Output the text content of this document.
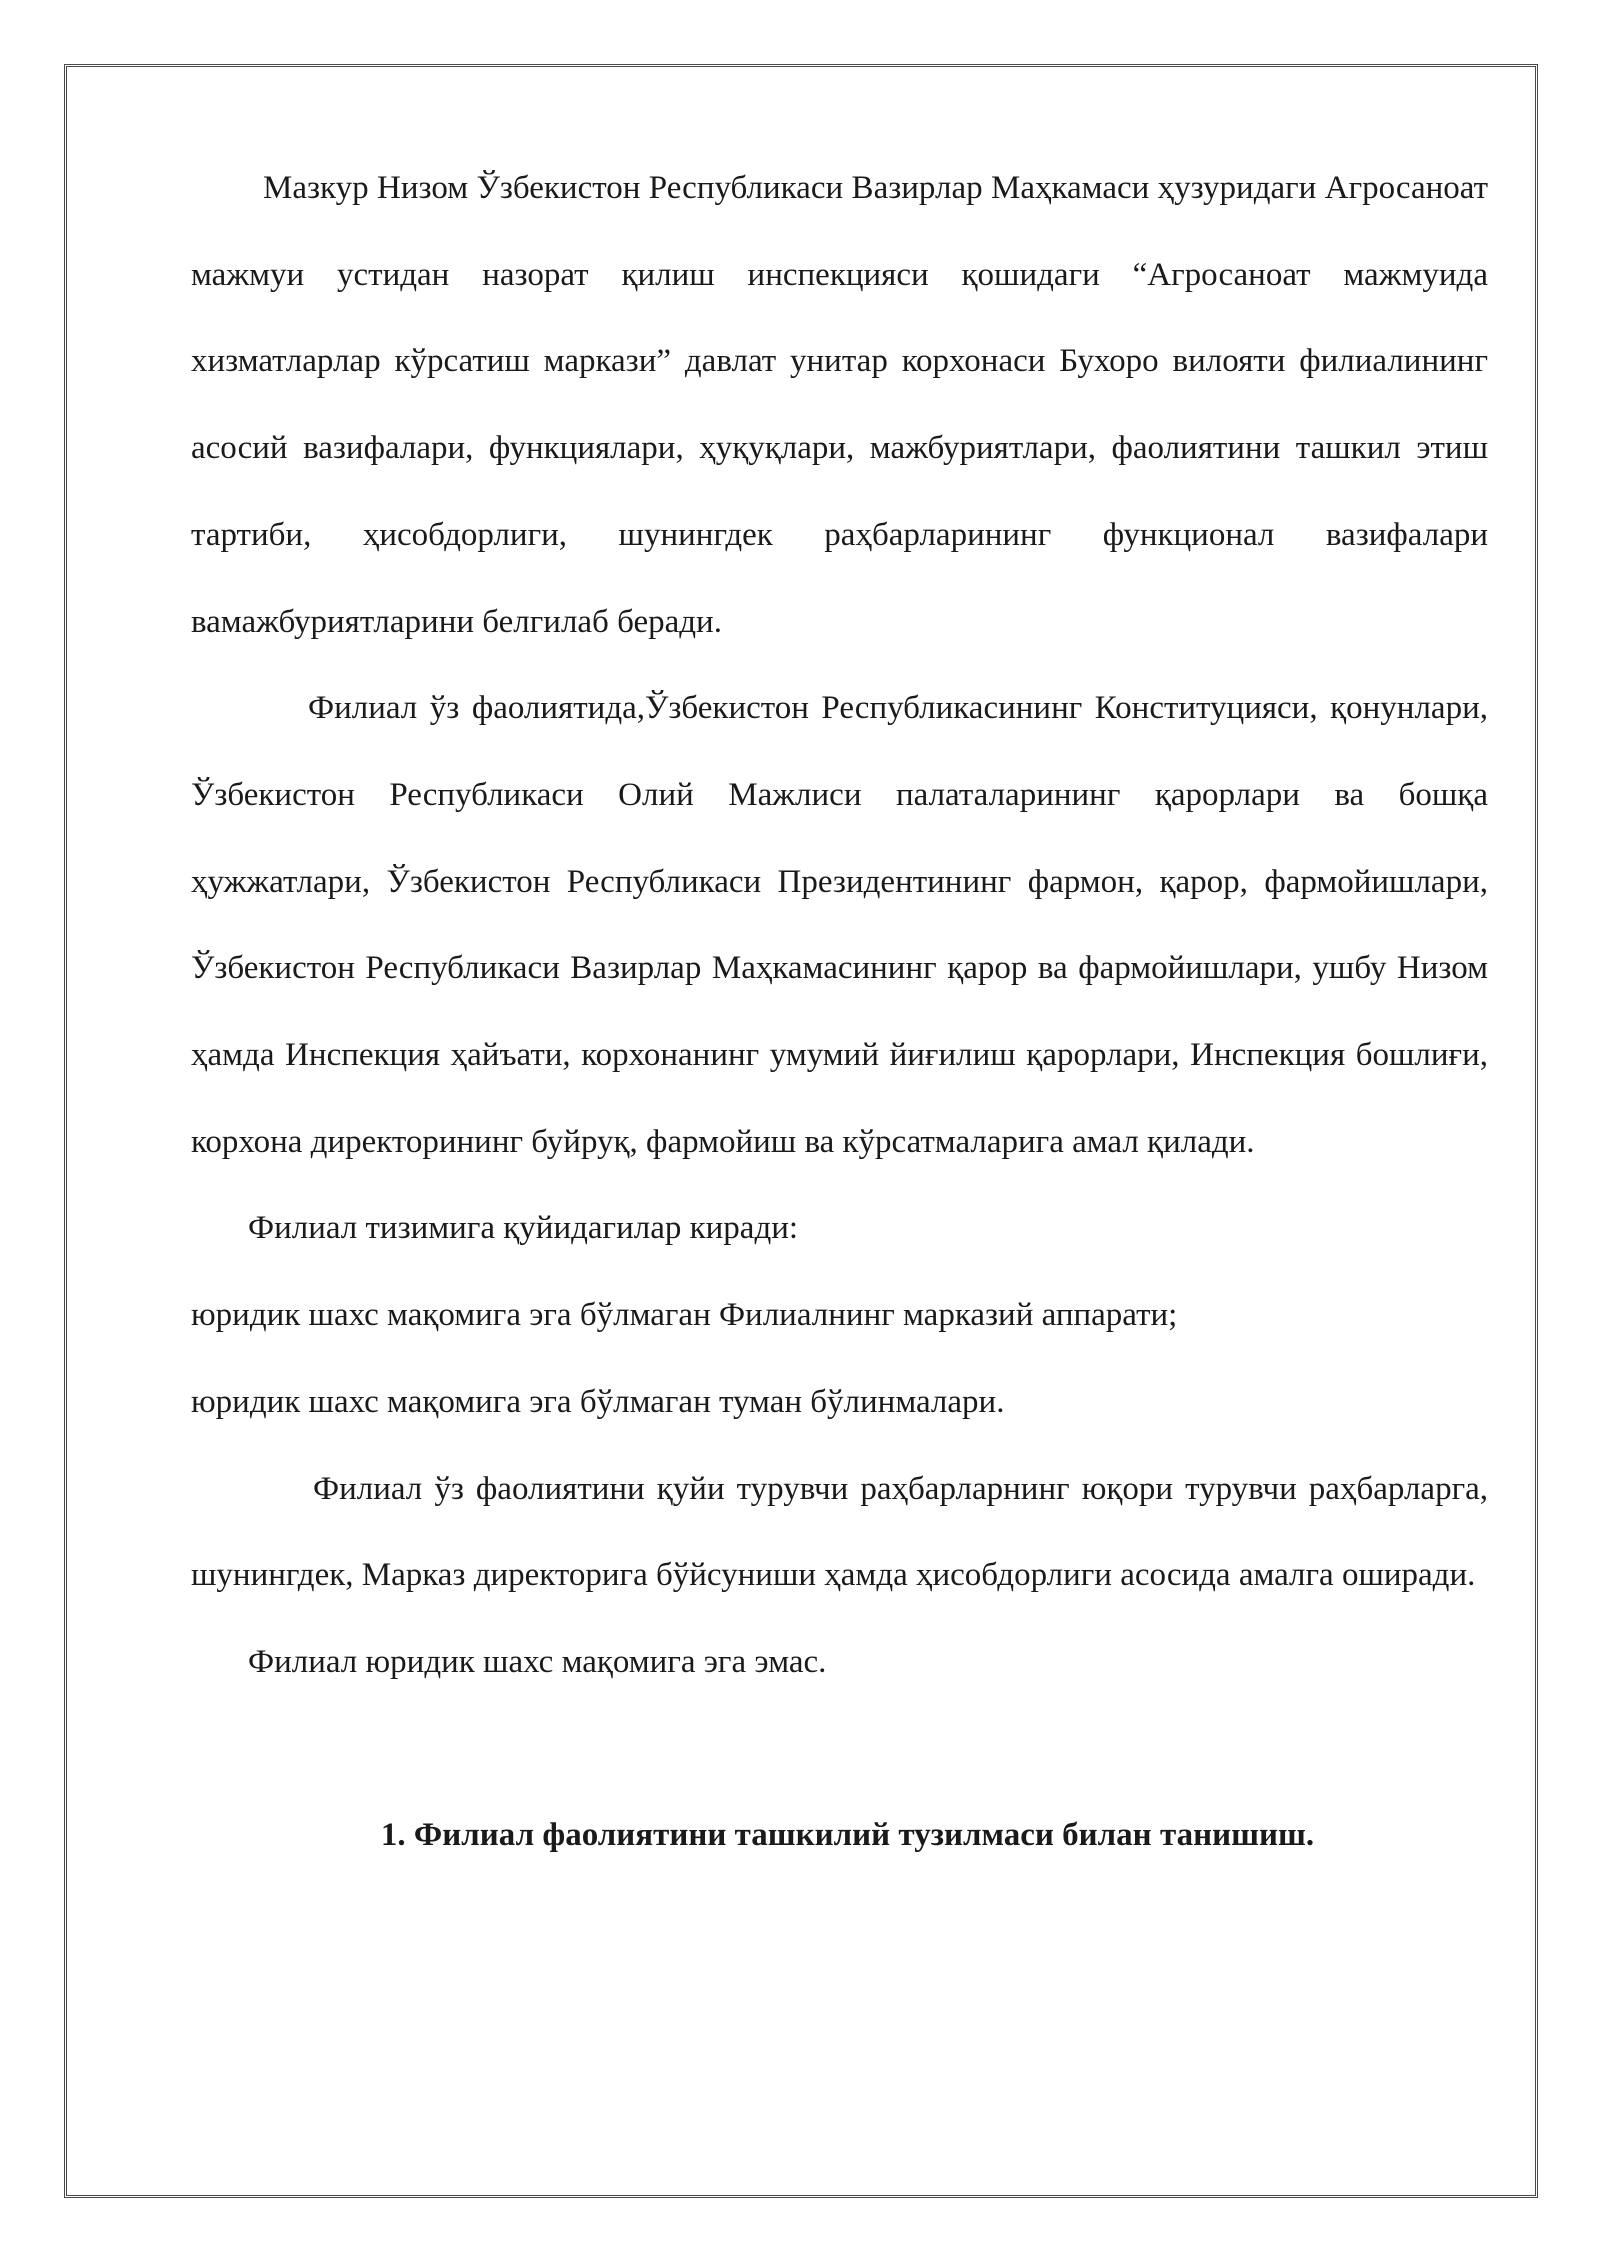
Мазкур Низом Ўзбекистон Республикаси Вазирлар Маҳкамаси ҳузуридаги Агросаноат мажмуи устидан назорат қилиш инспекцияси қошидаги “Агросаноат мажмуида хизматларлар кўрсатиш маркази” давлат унитар корхонаси Бухоро вилояти филиалининг асосий вазифалари, функциялари, ҳуқуқлари, мажбуриятлари, фаолиятини ташкил этиш тартиби, ҳисобдорлиги, шунингдек раҳбарларининг функционал вазифалари вамажбуриятларини белгилаб беради.

Филиал ўз фаолиятида,Ўзбекистон Республикасининг Конституцияси, қонунлари, Ўзбекистон Республикаси Олий Мажлиси палаталарининг қарорлари ва бошқа ҳужжатлари, Ўзбекистон Республикаси Президентининг фармон, қарор, фармойишлари, Ўзбекистон Республикаси Вазирлар Маҳкамасининг қарор ва фармойишлари, ушбу Низом ҳамда Инспекция ҳайъати, корхонанинг умумий йиғилиш қарорлари, Инспекция бошлиғи, корхона директорининг буйруқ, фармойиш ва кўрсатмаларига амал қилади.

Филиал тизимига қуйидагилар киради:

юридик шахс мақомига эга бўлмаган Филиалнинг марказий аппарати;

юридик шахс мақомига эга бўлмаган туман бўлинмалари.

Филиал ўз фаолиятини қуйи турувчи раҳбарларнинг юқори турувчи раҳбарларга, шунингдек, Марказ директорига бўйсуниши ҳамда ҳисобдорлиги асосида амалга оширади.

Филиал юридик шахс мақомига эга эмас.

1. Филиал фаолиятини ташкилий тузилмаси билан танишиш.
